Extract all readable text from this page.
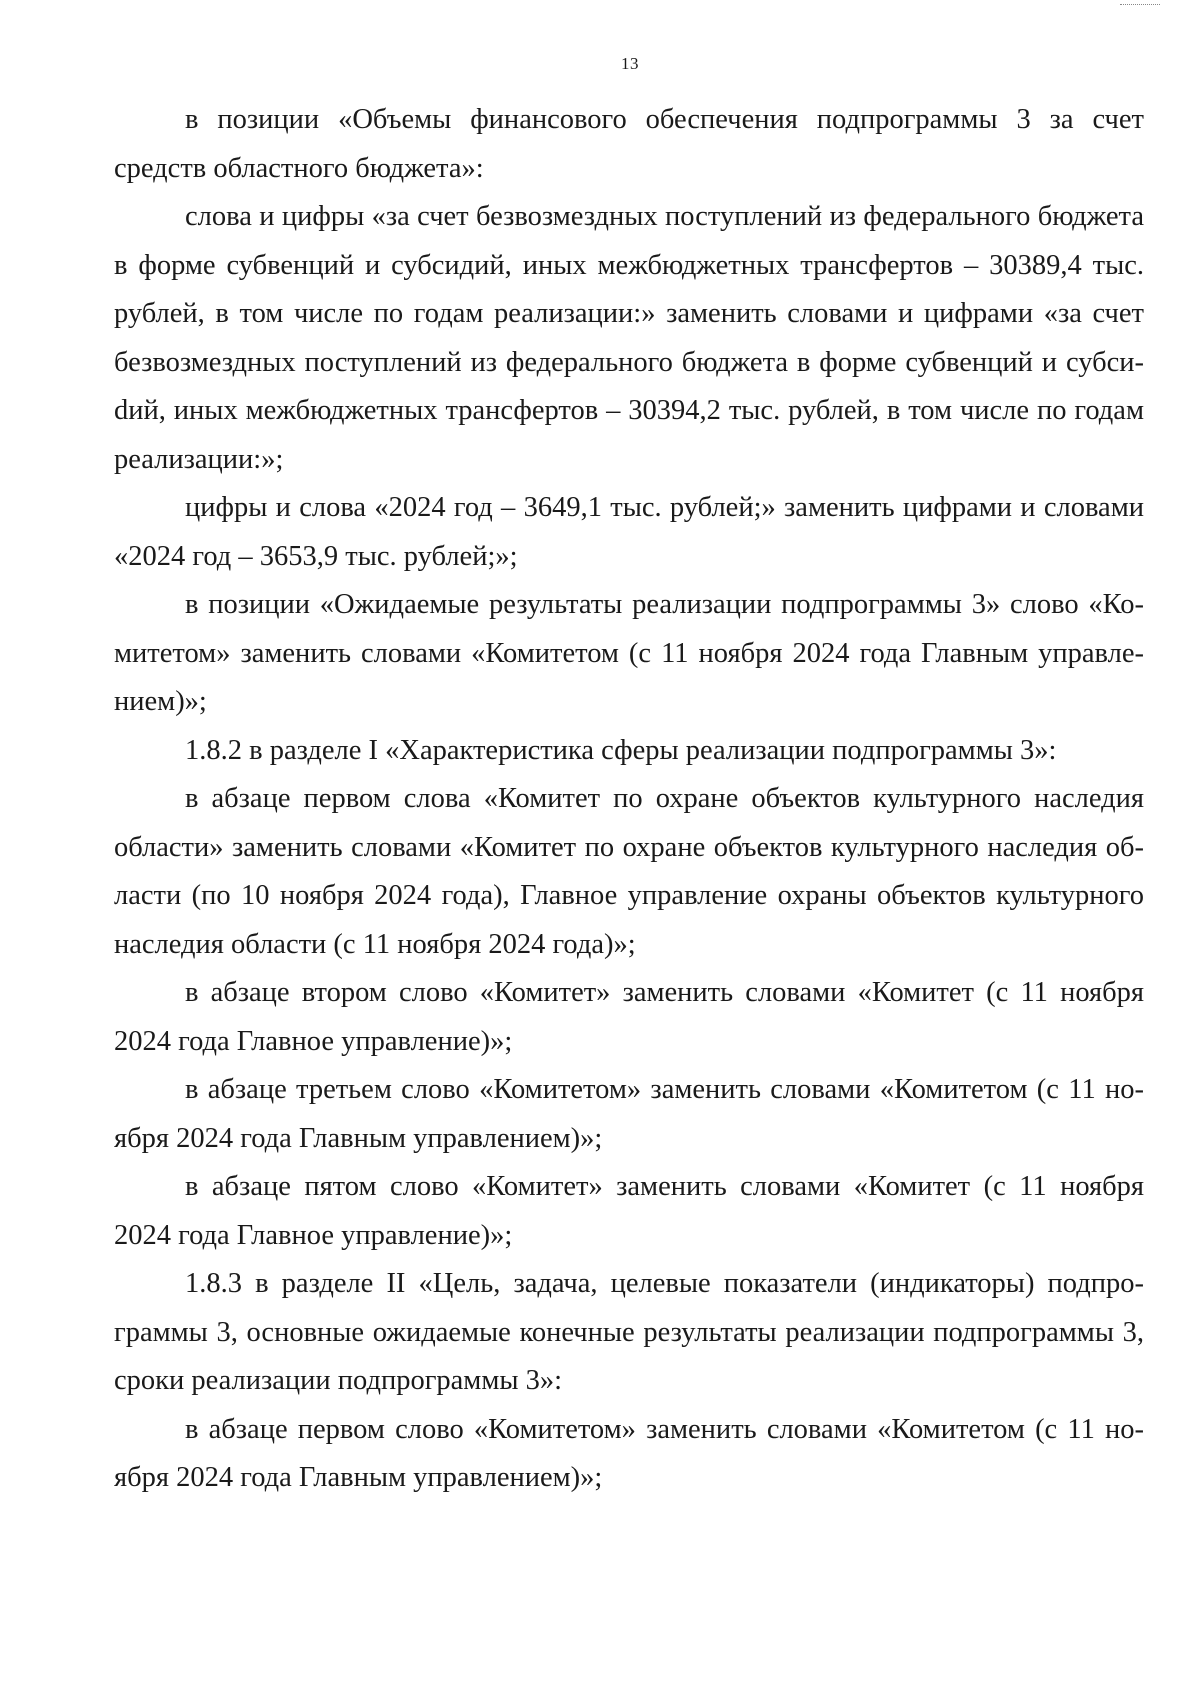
13

в позиции «Объемы финансового обеспечения подпрограммы 3 за счет средств областного бюджета»:

слова и цифры «за счет безвозмездных поступлений из федерального бюджета в форме субвенций и субсидий, иных межбюджетных трансфертов – 30389,4 тыс. рублей, в том числе по годам реализации:» заменить словами и цифрами «за счет безвозмездных поступлений из федерального бюджета в форме субвенций и субсиdий, иных межбюджетных трансфертов – 30394,2 тыс. рублей, в том числе по годам реализации:»;

цифры и слова «2024 год – 3649,1 тыс. рублей;» заменить цифрами и словами «2024 год – 3653,9 тыс. рублей;»;

в позиции «Ожидаемые результаты реализации подпрограммы 3» слово «Комитетом» заменить словами «Комитетом (с 11 ноября 2024 года Главным управлением)»;

1.8.2 в разделе I «Характеристика сферы реализации подпрограммы 3»:

в абзаце первом слова «Комитет по охране объектов культурного наследия области» заменить словами «Комитет по охране объектов культурного наследия области (по 10 ноября 2024 года), Главное управление охраны объектов культурного наследия области (с 11 ноября 2024 года)»;

в абзаце втором слово «Комитет» заменить словами «Комитет (с 11 ноября 2024 года Главное управление)»;

в абзаце третьем слово «Комитетом» заменить словами «Комитетом (с 11 ноября 2024 года Главным управлением)»;

в абзаце пятом слово «Комитет» заменить словами «Комитет (с 11 ноября 2024 года Главное управление)»;

1.8.3 в разделе II «Цель, задача, целевые показатели (индикаторы) подпрограммы 3, основные ожидаемые конечные результаты реализации подпрограммы 3, сроки реализации подпрограммы 3»:

в абзаце первом слово «Комитетом» заменить словами «Комитетом (с 11 ноября 2024 года Главным управлением)»;
